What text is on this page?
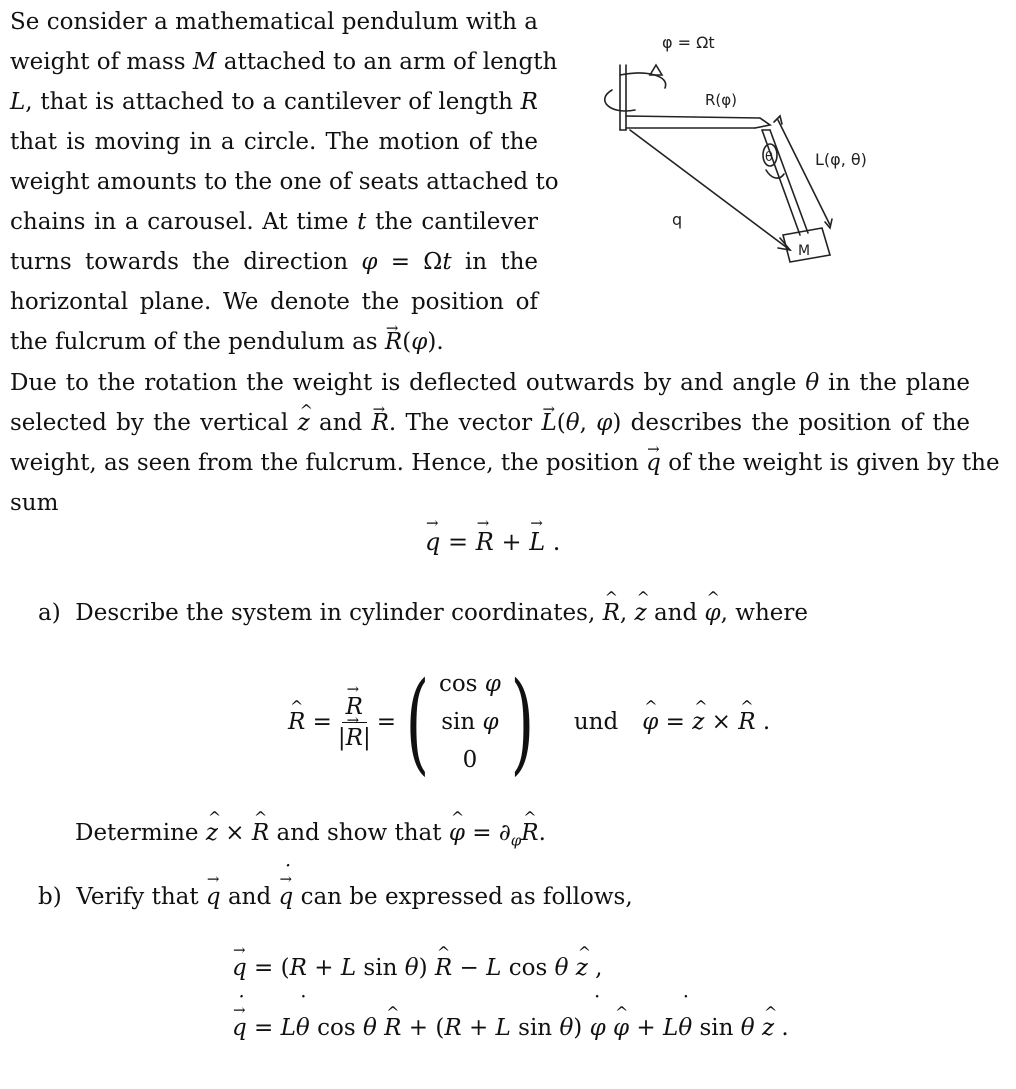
Se consider a mathematical pendulum with a
weight of mass M attached to an arm of length
L, that is attached to a cantilever of length R
that is moving in a circle. The motion of the
weight amounts to the one of seats attached to
chains in a carousel. At time t the cantilever
turns towards the direction φ = Ωt in the
horizontal plane. We denote the position of
the fulcrum of the pendulum as R →(φ).
φ = Ωt
R(φ)
L(φ, θ)
θ
q
M
Due to the rotation the weight is deflected outwards by and angle θ in the plane
selected by the vertical z ^ and R →. The vector L →(θ, φ) describes the position of the
weight, as seen from the fulcrum. Hence, the position q → of the weight is given by the
sum
q → = R → + L → .
a)  Describe the system in cylinder coordinates, R ^, z ^ and φ ^, where
R ^ = $\frac{R \to}{|R \to|}$ = ( cos φ
sin φ
0 ) und φ ^ = z ^ × R ^ .
Determine z ^ × R ^ and show that φ ^ = $\partial_\varphi R$ ^.
b)  Verify that q → and ˙ q → can be expressed as follows,
q → = (R + L sin θ) R ^ − L cos θ z ^ ,
˙ q → = L˙ θ cos θ R ^ + (R + L sin θ) ˙ φ φ ^ + L˙ θ sin θ z ^ .
